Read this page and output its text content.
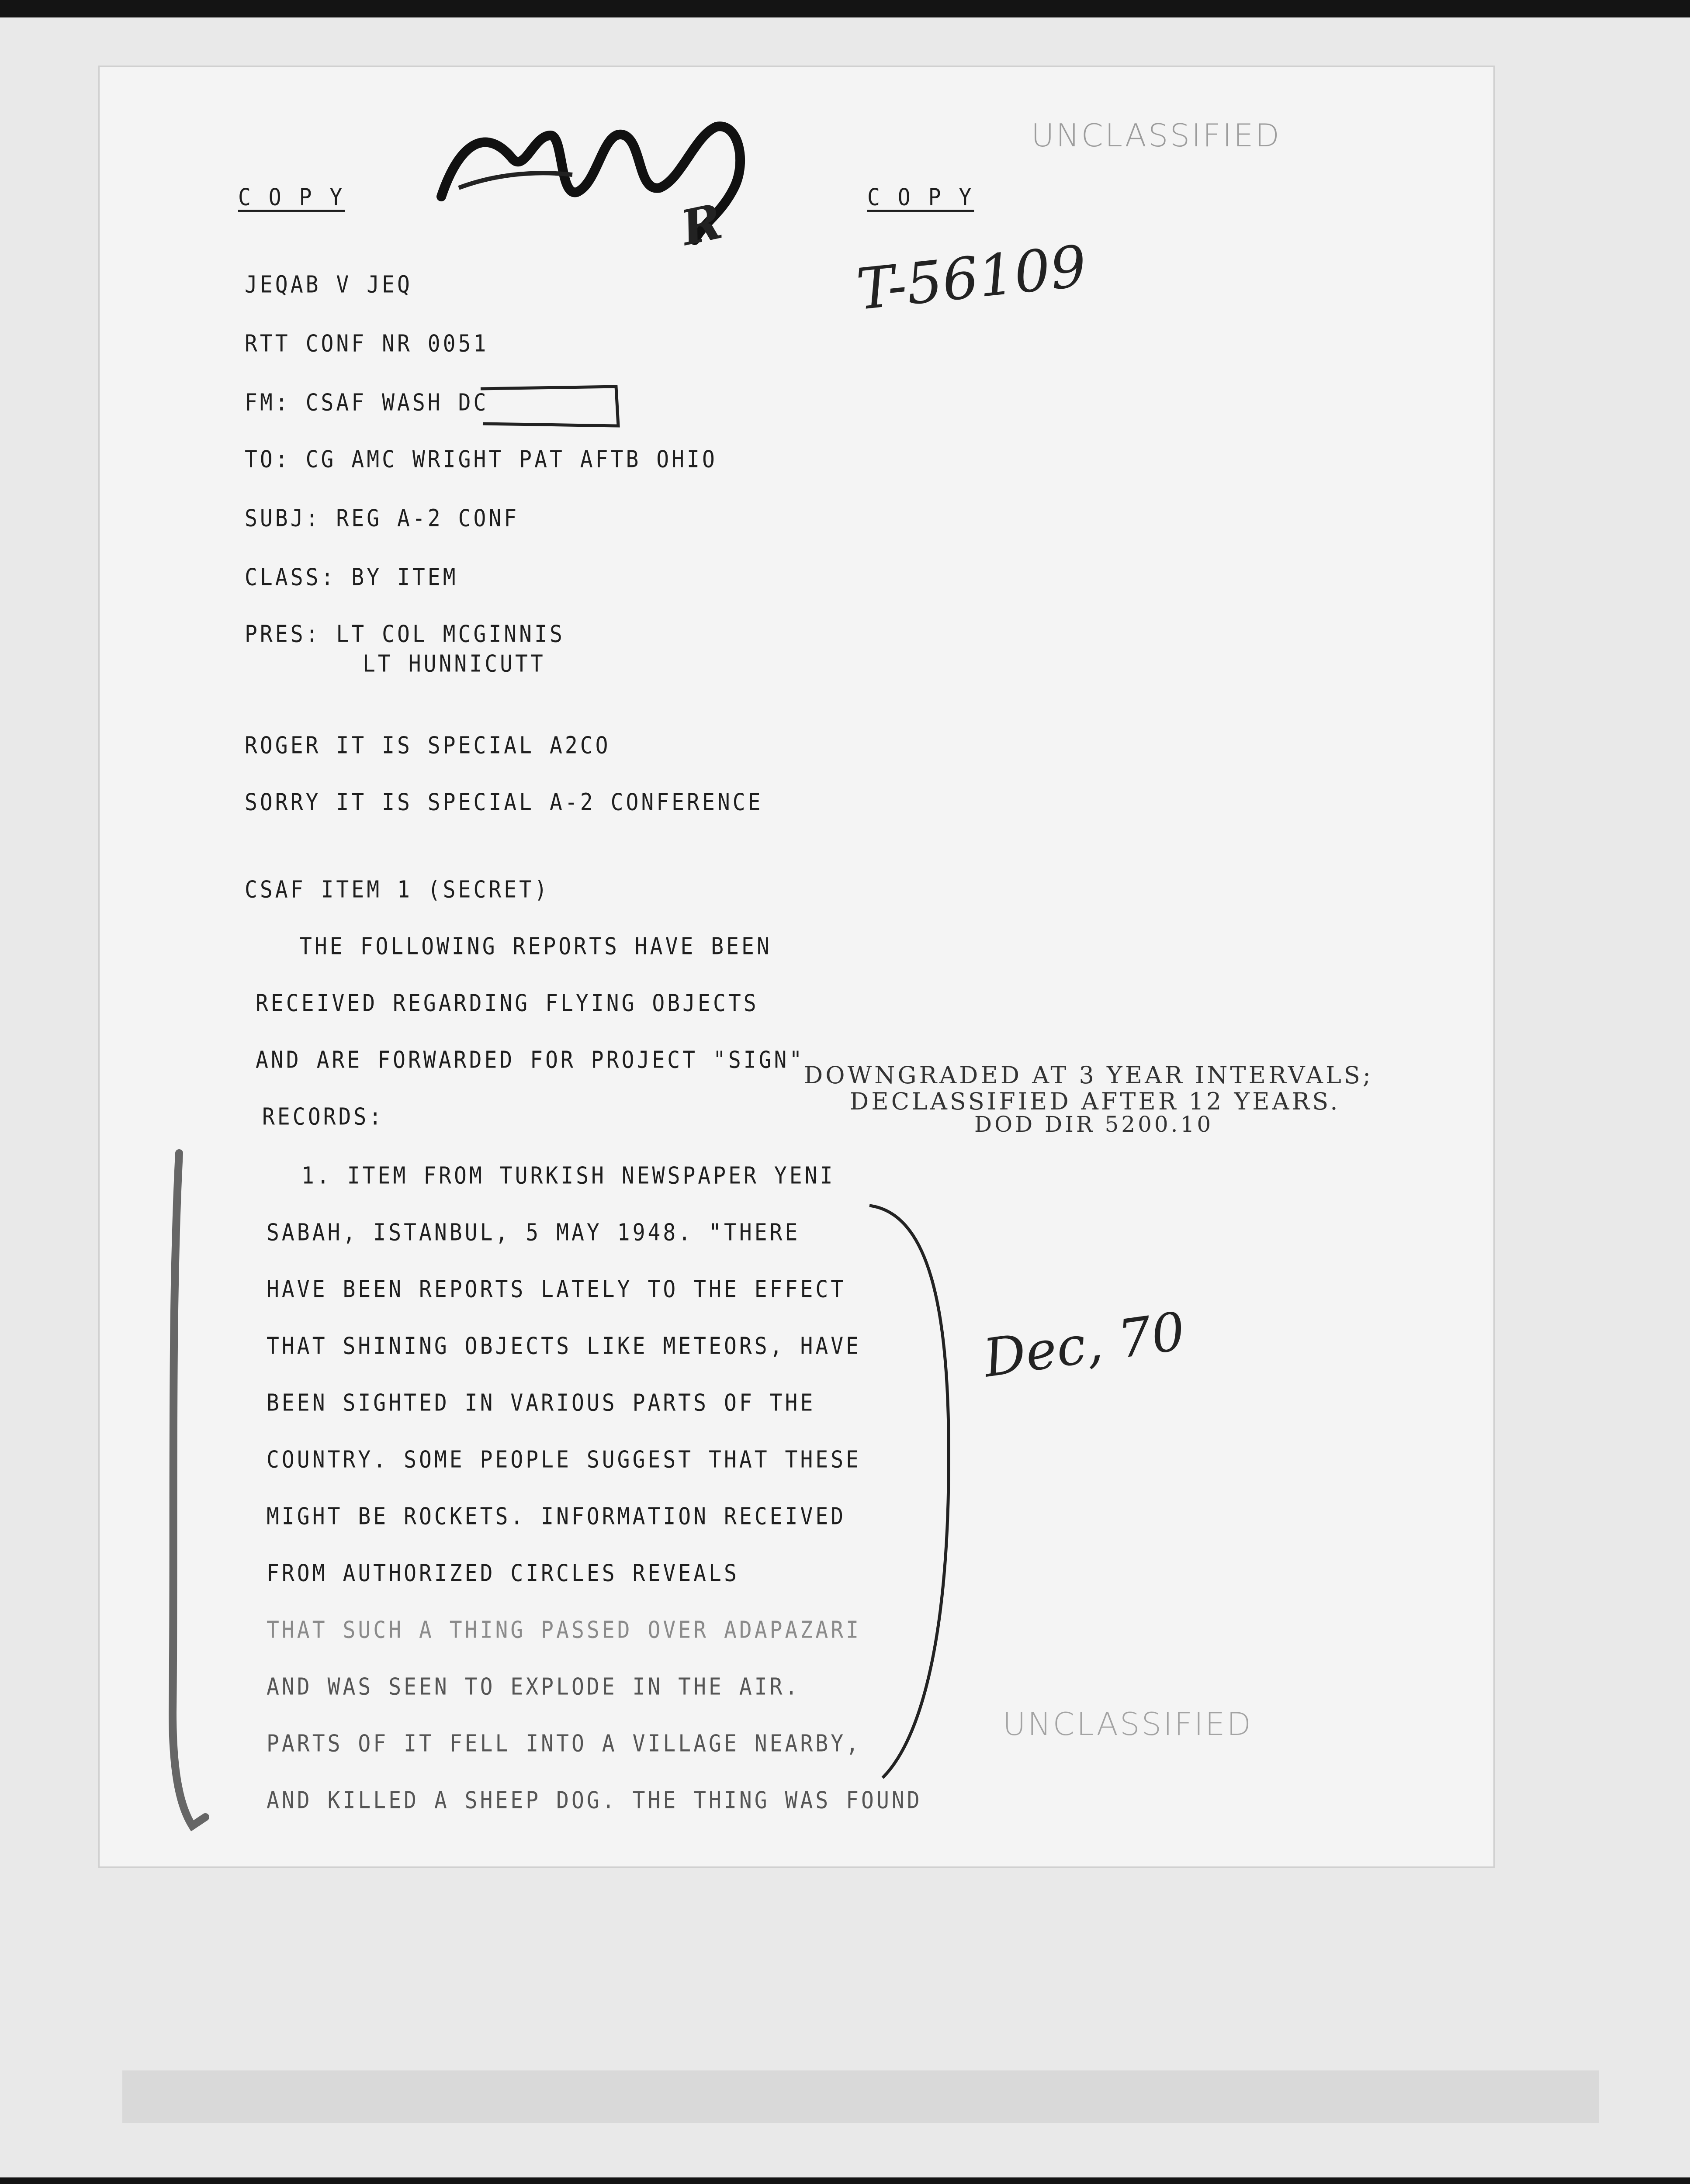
C O P Y	C O P Y
UNCLASSIFIED
T-56109
R
JEQAB V JEQ
RTT CONF NR 0051
FM: CSAF WASH DC
TO: CG AMC WRIGHT PAT AFTB OHIO
SUBJ: REG A-2 CONF
CLASS: BY ITEM
PRES: LT COL MCGINNIS
LT HUNNICUTT
ROGER IT IS SPECIAL A2CO
SORRY IT IS SPECIAL A-2 CONFERENCE
CSAF ITEM 1 (SECRET)
THE FOLLOWING REPORTS HAVE BEEN
RECEIVED REGARDING FLYING OBJECTS
AND ARE FORWARDED FOR PROJECT "SIGN"
RECORDS:
1. ITEM FROM TURKISH NEWSPAPER YENI
SABAH, ISTANBUL, 5 MAY 1948. "THERE
HAVE BEEN REPORTS LATELY TO THE EFFECT
THAT SHINING OBJECTS LIKE METEORS, HAVE
BEEN SIGHTED IN VARIOUS PARTS OF THE
COUNTRY. SOME PEOPLE SUGGEST THAT THESE
MIGHT BE ROCKETS. INFORMATION RECEIVED
FROM AUTHORIZED CIRCLES REVEALS
THAT SUCH A THING PASSED OVER ADAPAZARI
AND WAS SEEN TO EXPLODE IN THE AIR.
PARTS OF IT FELL INTO A VILLAGE NEARBY,
AND KILLED A SHEEP DOG. THE THING WAS FOUND
DOWNGRADED AT 3 YEAR INTERVALS;
DECLASSIFIED AFTER 12 YEARS.
DOD DIR 5200.10
Dec, 70
UNCLASSIFIED
